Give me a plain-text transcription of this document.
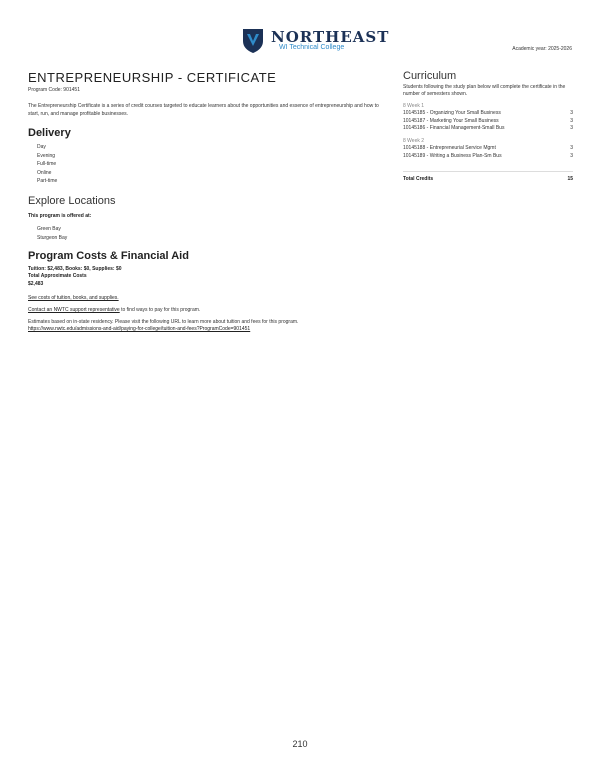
NORTHEAST
WI Technical College	Academic year: 2025-2026
ENTREPRENEURSHIP - CERTIFICATE
Program Code: 901451
The Entrepreneurship Certificate is a series of credit courses targeted to educate learners about the opportunities and essence of entrepreneurship and how to start, run, and manage profitable businesses.
Delivery
Day
Evening
Full-time
Online
Part-time
Explore Locations
This program is offered at:
Green Bay
Sturgeon Bay
Program Costs & Financial Aid
Tuition: $2,483, Books: $0, Supplies: $0
Total Approximate Costs
$2,483
See costs of tuition, books, and supplies.
Contact an NWTC support representative to find ways to pay for this program.
Estimates based on in-state residency. Please visit the following URL to learn more about tuition and fees for this program.
https://www.nwtc.edu/admissions-and-aid/paying-for-college/tuition-and-fees?ProgramCode=901451
Curriculum
Students following the study plan below will complete the certificate in the number of semesters shown.
8 Week 1
10145185 - Organizing Your Small Business	3
10145187 - Marketing Your Small Business	3
10145186 - Financial Management-Small Bus	3
8 Week 2
10145188 - Entrepreneurial Service Mgmt	3
10145189 - Writing a Business Plan-Sm Bus	3
Total Credits	15
210
